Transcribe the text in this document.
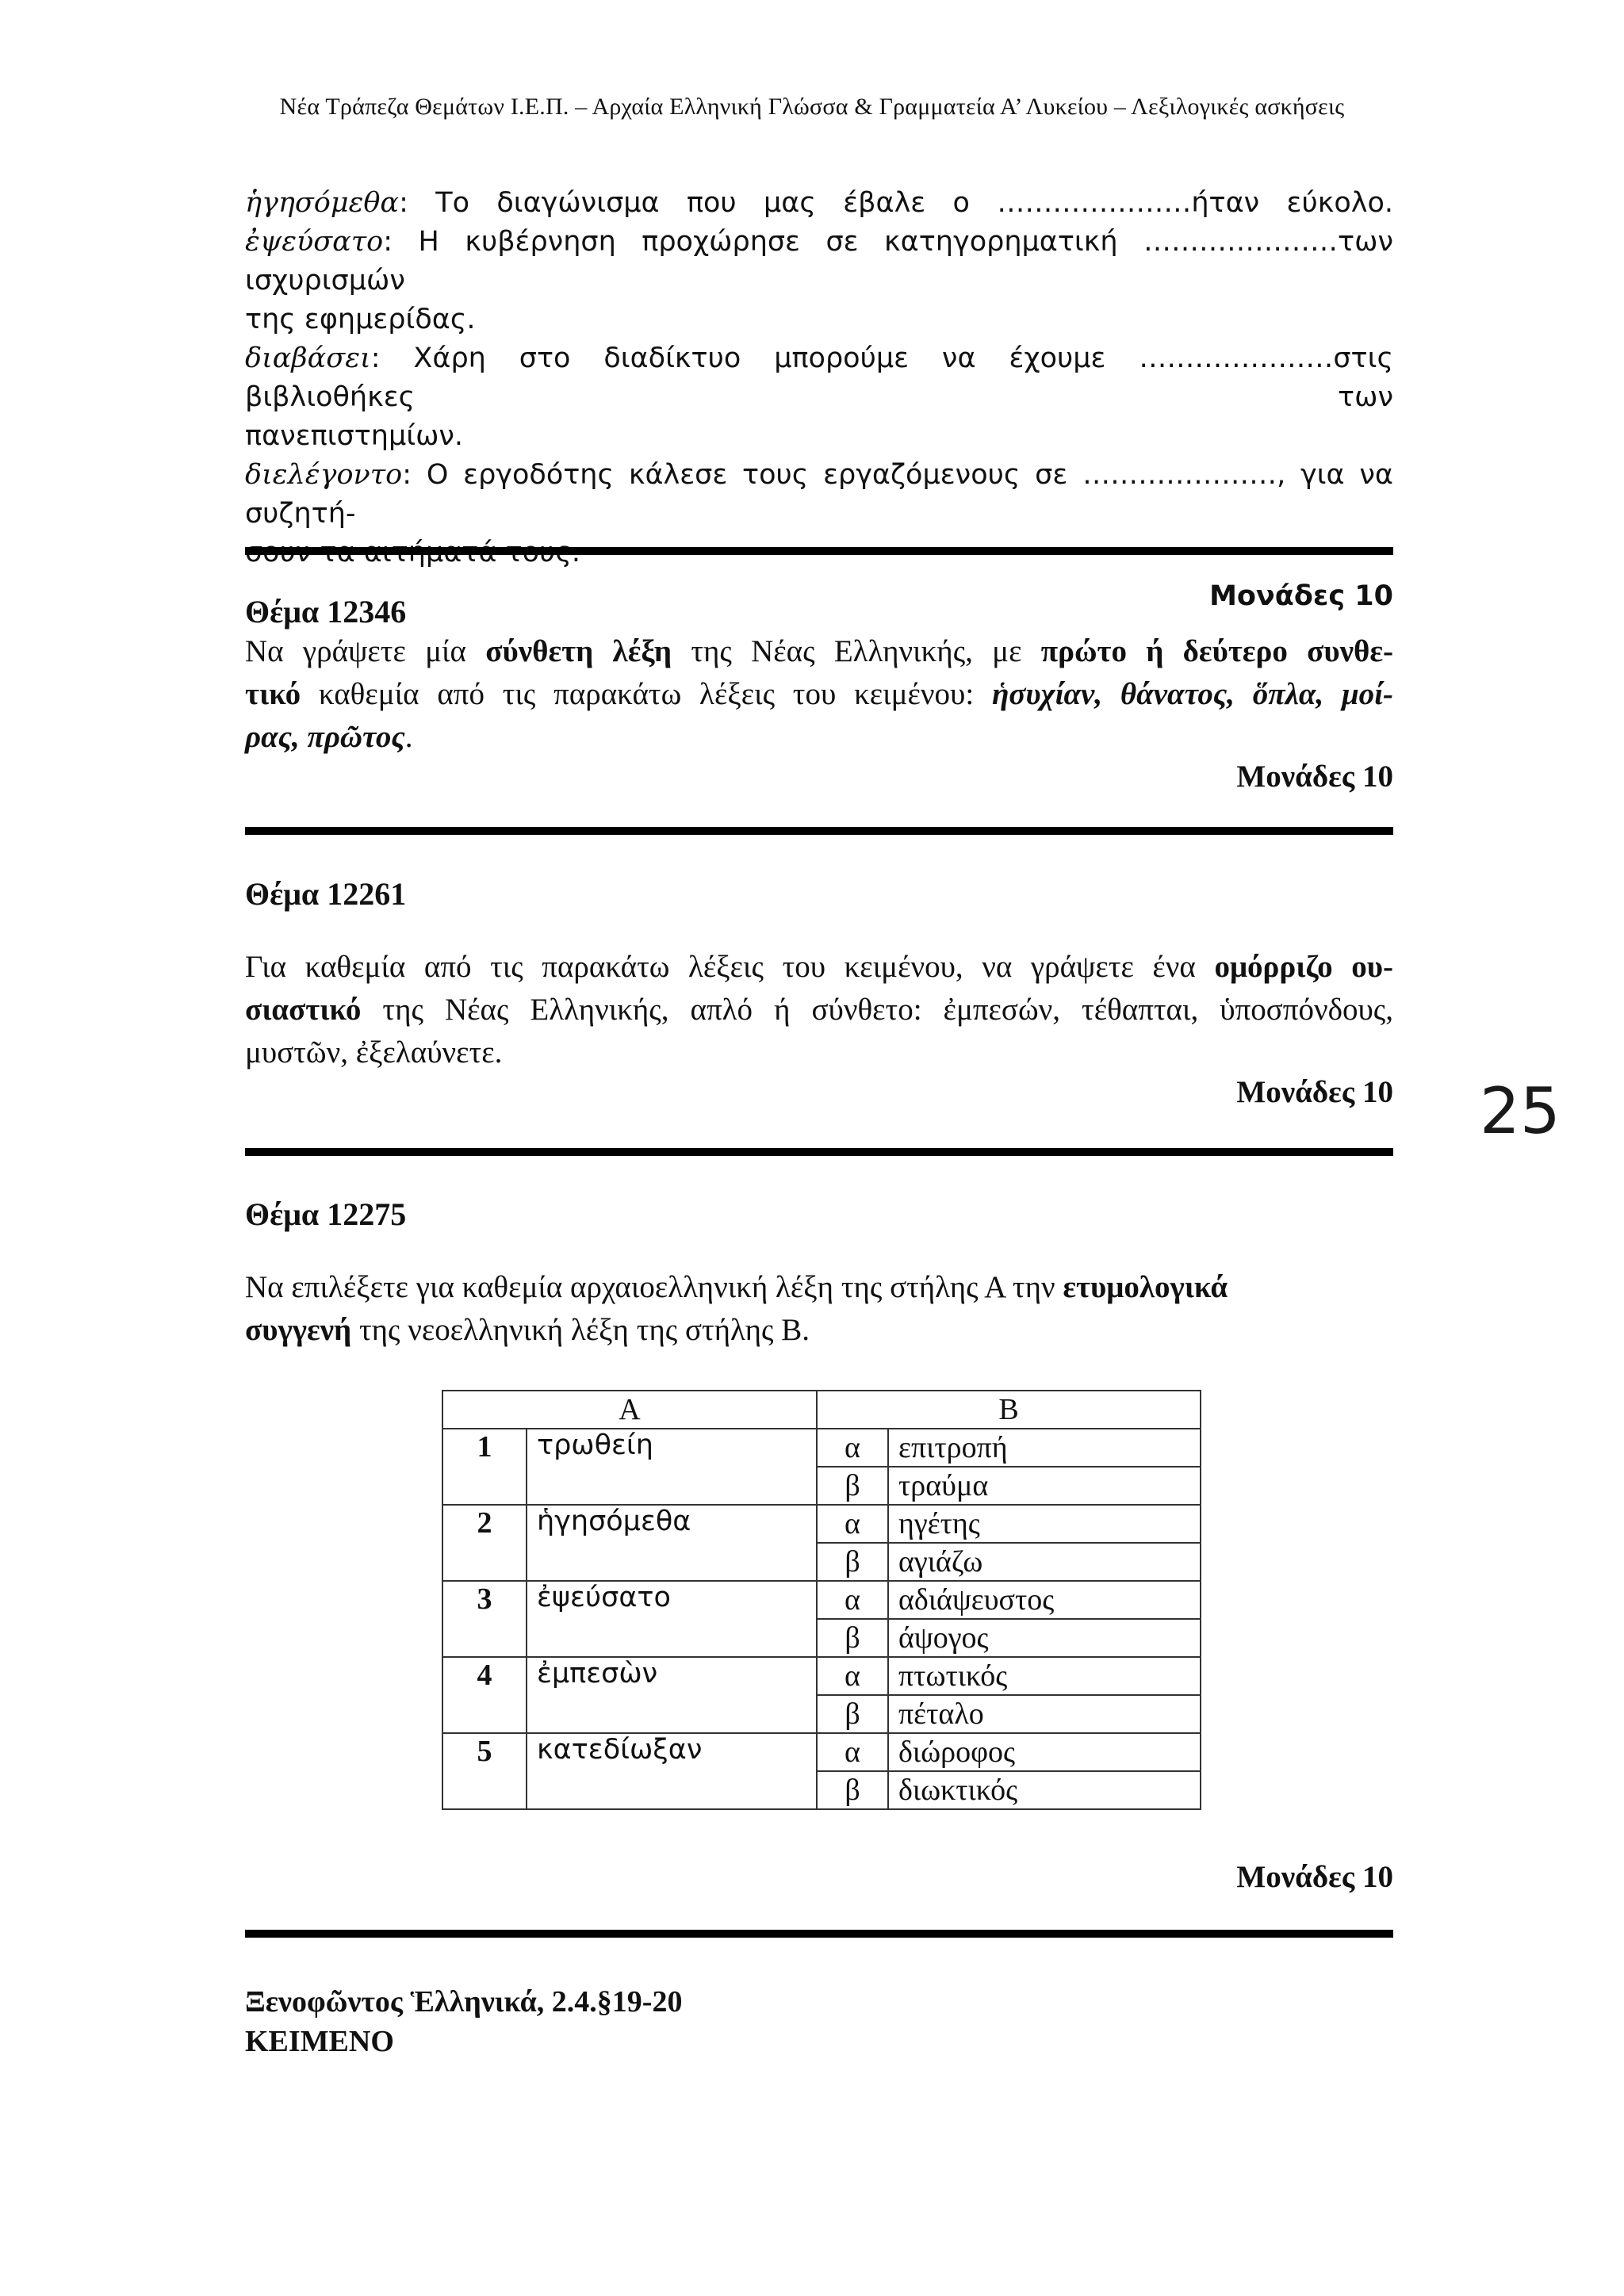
Νέα Τράπεζα Θεμάτων Ι.Ε.Π. – Αρχαία Ελληνική Γλώσσα & Γραμματεία Α’ Λυκείου – Λεξιλογικές ασκήσεις
ἡγησόμεθα: Το διαγώνισμα που μας έβαλε ο …………………ήταν εύκολο.
ἐψεύσατο: Η κυβέρνηση προχώρησε σε κατηγορηματική …………………των ισχυρισμών
της εφημερίδας.
διαβάσει: Χάρη στο διαδίκτυο μπορούμε να έχουμε …………………στις βιβλιοθήκες των
πανεπιστημίων.
διελέγοντο: Ο εργοδότης κάλεσε τους εργαζόμενους σε …………………, για να συζητή-
Μονάδες 10
Θέμα 12346
Να γράψετε μία σύνθετη λέξη της Νέας Ελληνικής, με πρώτο ή δεύτερο συνθε-
τικό καθεμία από τις παρακάτω λέξεις του κειμένου: ἡσυχίαν, θάνατος, ὅπλα, μοί-
ρας, πρῶτος.
Μονάδες 10
Θέμα 12261
Για καθεμία από τις παρακάτω λέξεις του κειμένου, να γράψετε ένα ομόρριζο ου-
σιαστικό της Νέας Ελληνικής, απλό ή σύνθετο: ἐμπεσών, τέθαπται, ὑποσπόνδους,
μυστῶν, ἐξελαύνετε.
Μονάδες 10 25
Θέμα 12275
Να επιλέξετε για καθεμία αρχαιοελληνική λέξη της στήλης Α την ετυμολογικά
συγγενή της νεοελληνική λέξη της στήλης Β.
Α		Β	
1	τρωθείη	α	επιτροπή
		β	τραύμα
2	ἡγησόμεθα	α	ηγέτης
		β	αγιάζω
3	ἐψεύσατο	α	αδιάψευστος
		β	άψογος
4	ἐμπεσὼν	α	πτωτικός
		β	πέταλο
5	κατεδίωξαν	α	διώροφος
		β	διωκτικός
Μονάδες 10
Ξενοφῶντος Ἑλληνικά, 2.4.§19-20
ΚΕΙΜΕΝΟ
